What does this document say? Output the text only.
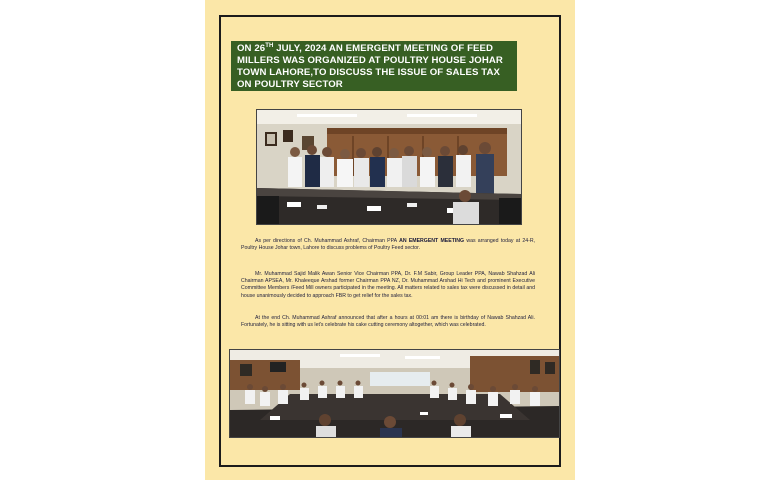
ON 26TH JULY, 2024 AN EMERGENT MEETING OF FEED MILLERS WAS ORGANIZED AT POULTRY HOUSE JOHAR TOWN LAHORE,TO DISCUSS THE ISSUE OF SALES TAX ON POULTRY SECTOR
As per directions of Ch. Muhammad Ashraf, Chairman PPA AN EMERGENT MEETING was arranged today at 24-R, Poultry House Johar town, Lahore to discuss problems of Poultry Feed sector.
Mr. Muhammad Sajid Malik Awan Senior Vice Chairman PPA, Dr. F.M Sabir, Group Leader PPA, Nawab Shahzad Ali Chairman APSEA, Mr. Khaleeque Arshad former Chairman PPA NZ, Dr. Muhammad Arshad Hi Tech and prominent Executive Committee Members /Feed Mill owners participated in the meeting. All matters related to sales tax were discussed in detail and house unanimously decided to approach FBR to get relief for the sales tax.
At the end Ch. Muhammad Ashraf announced that after a hours at 00:01 am there is birthday of Nawab Shahzad Ali. Fortunately, he is sitting with us let's celebrate his cake cutting ceremony altogether, which was celebrated.
